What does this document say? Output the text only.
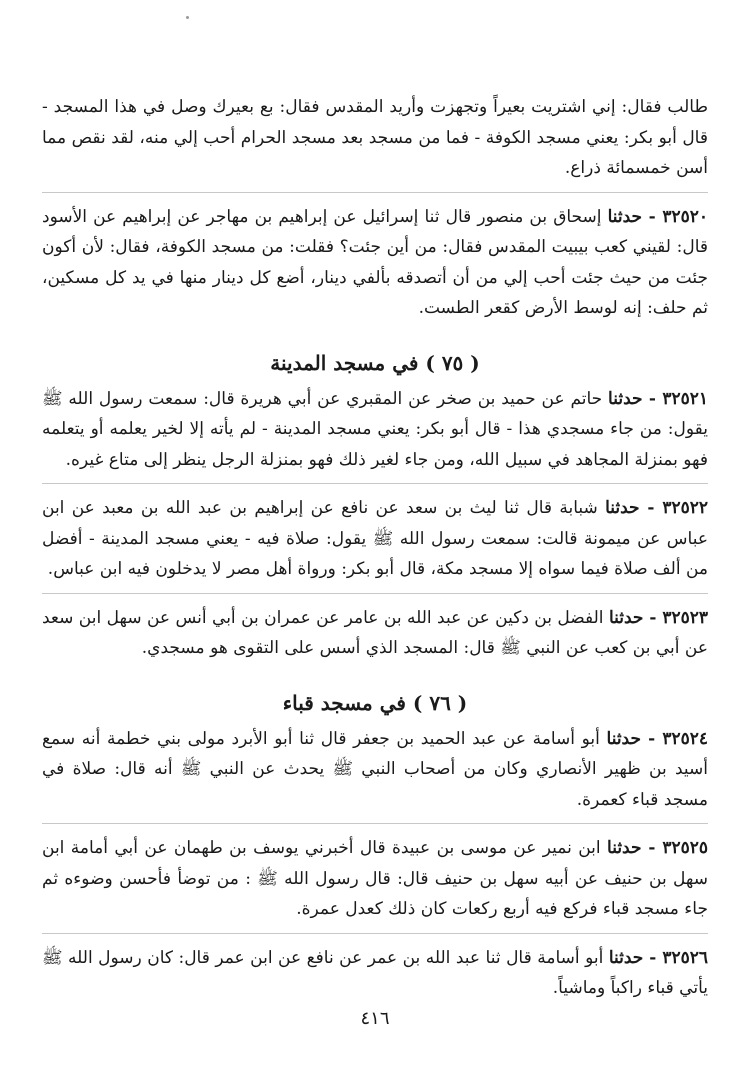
طالب فقال: إني اشتريت بعيراً وتجهزت وأريد المقدس فقال: بع بعيرك وصل في هذا المسجد - قال أبو بكر: يعني مسجد الكوفة - فما من مسجد بعد مسجد الحرام أحب إلي منه، لقد نقص مما أسن خمسمائة ذراع.

٣٢٥٢٠ - حدثنا إسحاق بن منصور قال ثنا إسرائيل عن إبراهيم بن مهاجر عن إبراهيم عن الأسود قال: لقيني كعب بيبيت المقدس فقال: من أين جئت؟ فقلت: من مسجد الكوفة، فقال: لأن أكون جئت من حيث جئت أحب إلي من أن أتصدقه بألفي دينار، أضع كل دينار منها في يد كل مسكين، ثم حلف: إنه لوسط الأرض كقعر الطست.

( ٧٥ ) في مسجد المدينة

٣٢٥٢١ - حدثنا حاتم عن حميد بن صخر عن المقبري عن أبي هريرة قال: سمعت رسول الله ﷺ يقول: من جاء مسجدي هذا - قال أبو بكر: يعني مسجد المدينة - لم يأته إلا لخير يعلمه أو يتعلمه فهو بمنزلة المجاهد في سبيل الله، ومن جاء لغير ذلك فهو بمنزلة الرجل ينظر إلى متاع غيره.

٣٢٥٢٢ - حدثنا شبابة قال ثنا ليث بن سعد عن نافع عن إبراهيم بن عبد الله بن معبد عن ابن عباس عن ميمونة قالت: سمعت رسول الله ﷺ يقول: صلاة فيه - يعني مسجد المدينة - أفضل من ألف صلاة فيما سواه إلا مسجد مكة، قال أبو بكر: ورواة أهل مصر لا يدخلون فيه ابن عباس.

٣٢٥٢٣ - حدثنا الفضل بن دكين عن عبد الله بن عامر عن عمران بن أبي أنس عن سهل ابن سعد عن أبي بن كعب عن النبي ﷺ قال: المسجد الذي أسس على التقوى هو مسجدي.

( ٧٦ ) في مسجد قباء

٣٢٥٢٤ - حدثنا أبو أسامة عن عبد الحميد بن جعفر قال ثنا أبو الأبرد مولى بني خطمة أنه سمع أسيد بن ظهير الأنصاري وكان من أصحاب النبي ﷺ يحدث عن النبي ﷺ أنه قال: صلاة في مسجد قباء كعمرة.

٣٢٥٢٥ - حدثنا ابن نمير عن موسى بن عبيدة قال أخبرني يوسف بن طهمان عن أبي أمامة ابن سهل بن حنيف عن أبيه سهل بن حنيف قال: قال رسول الله ﷺ : من توضأ فأحسن وضوءه ثم جاء مسجد قباء فركع فيه أربع ركعات كان ذلك كعدل عمرة.

٣٢٥٢٦ - حدثنا أبو أسامة قال ثنا عبد الله بن عمر عن نافع عن ابن عمر قال: كان رسول الله ﷺ يأتي قباء راكباً وماشياً.

٤١٦
